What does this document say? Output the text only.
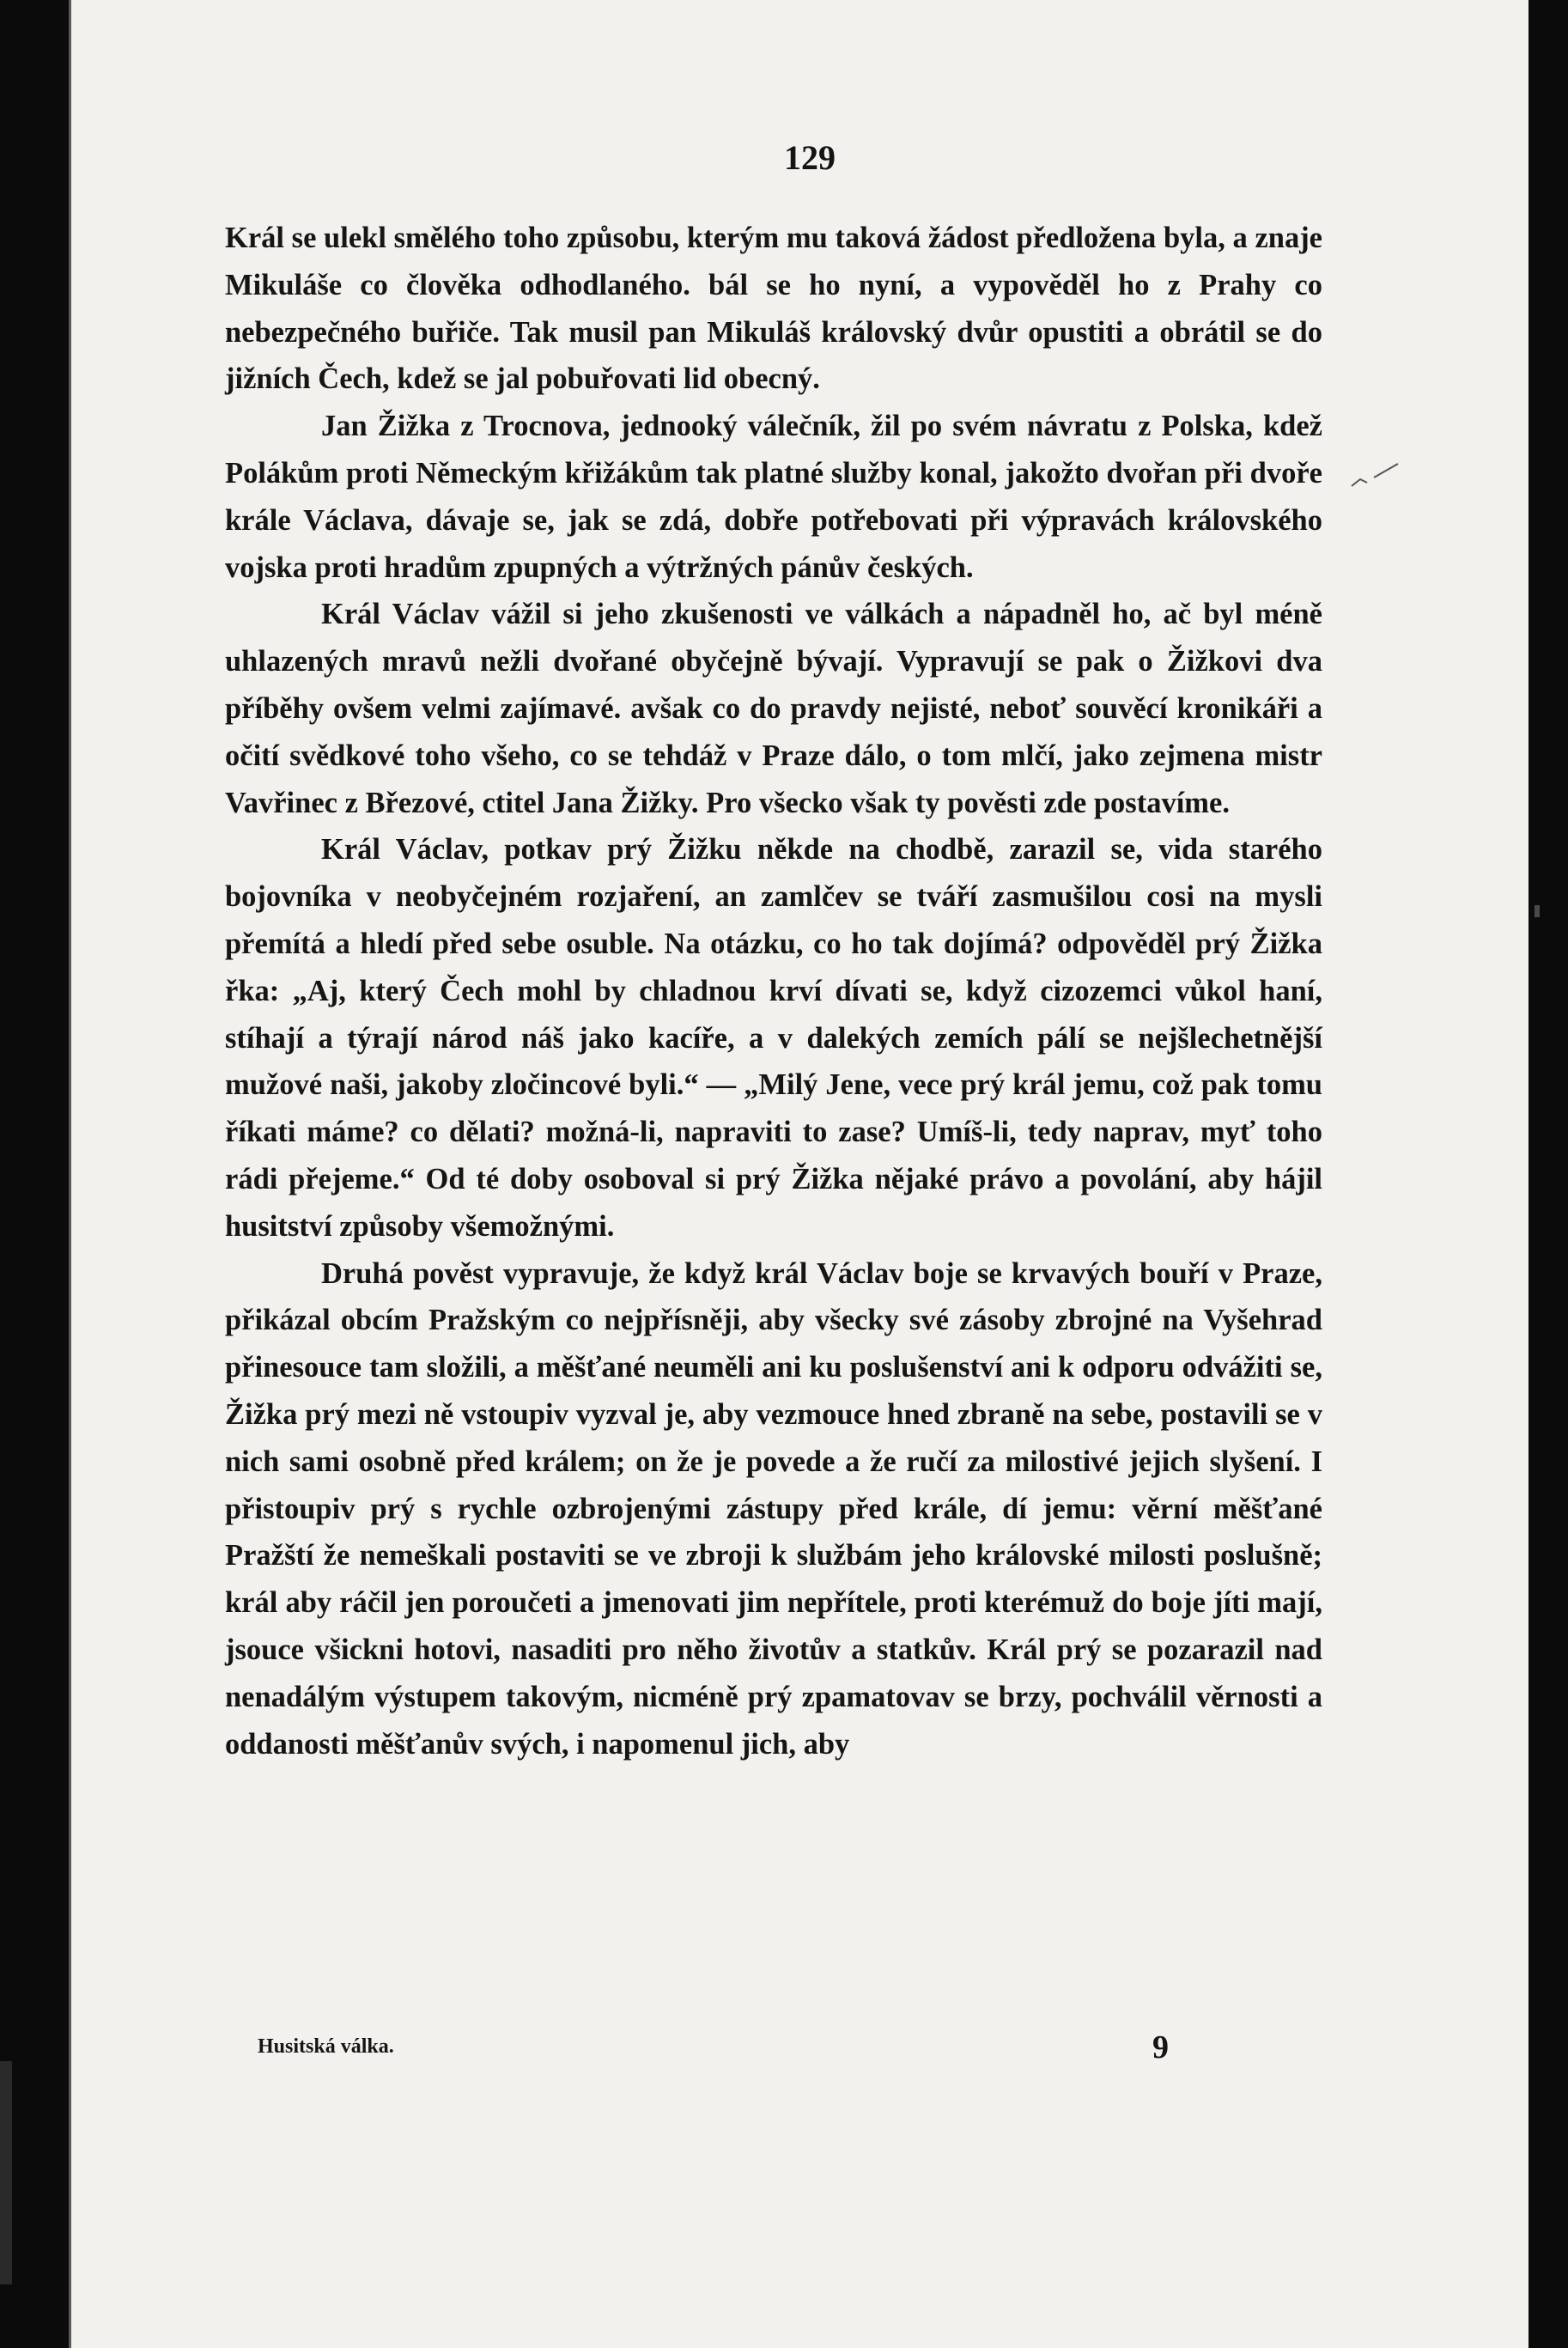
129

Král se ulekl smělého toho způsobu, kterým mu taková žádost předložena byla, a znaje Mikuláše co člověka odhodlaného. bál se ho nyní, a vypověděl ho z Prahy co nebezpečného buřiče. Tak musil pan Mikuláš královský dvůr opustiti a obrátil se do jižních Čech, kdež se jal pobuřovati lid obecný.

Jan Žižka z Trocnova, jednooký válečník, žil po svém návratu z Polska, kdež Polákům proti Německým křižákům tak platné služby konal, jakožto dvořan při dvoře krále Václava, dávaje se, jak se zdá, dobře potřebovati při výpravách královského vojska proti hradům zpupných a výtržných pánův českých.

Král Václav vážil si jeho zkušenosti ve válkách a nápadněl ho, ač byl méně uhlazených mravů nežli dvořané obyčejně bývají. Vypravují se pak o Žižkovi dva příběhy ovšem velmi zajímavé. avšak co do pravdy nejisté, neboť souvěcí kronikáři a očití svědkové toho všeho, co se tehdáž v Praze dálo, o tom mlčí, jako zejmena mistr Vavřinec z Březové, ctitel Jana Žižky. Pro všecko však ty pověsti zde postavíme.

Král Václav, potkav prý Žižku někde na chodbě, zarazil se, vida starého bojovníka v neobyčejném rozjaření, an zamlčev se tváří zasmušilou cosi na mysli přemítá a hledí před sebe osuble. Na otázku, co ho tak dojímá? odpověděl prý Žižka řka: „Aj, který Čech mohl by chladnou krví dívati se, když cizozemci vůkol haní, stíhají a týrají národ náš jako kacíře, a v dalekých zemích pálí se nejšlechetnější mužové naši, jakoby zločincové byli.“ — „Milý Jene, vece prý král jemu, což pak tomu říkati máme? co dělati? možná-li, napraviti to zase? Umíš-li, tedy naprav, myť toho rádi přejeme.“ Od té doby osoboval si prý Žižka nějaké právo a povolání, aby hájil husitství způsoby všemožnými.

Druhá pověst vypravuje, že když král Václav boje se krvavých bouří v Praze, přikázal obcím Pražským co nejpřísněji, aby všecky své zásoby zbrojné na Vyšehrad přinesouce tam složili, a měšťané neuměli ani ku poslušenství ani k odporu odvážiti se, Žižka prý mezi ně vstoupiv vyzval je, aby vezmouce hned zbraně na sebe, postavili se v nich sami osobně před králem; on že je povede a že ručí za milostivé jejich slyšení. I přistoupiv prý s rychle ozbrojenými zástupy před krále, dí jemu: věrní měšťané Pražští že nemeškali postaviti se ve zbroji k službám jeho královské milosti poslušně; král aby ráčil jen poroučeti a jmenovati jim nepřítele, proti kterémuž do boje jíti mají, jsouce všickni hotovi, nasaditi pro něho životův a statkův. Král prý se pozarazil nad nenadálým výstupem takovým, nicméně prý zpamatovav se brzy, pochválil věrnosti a oddanosti měšťanův svých, i napomenul jich, aby

Husitská válka.	9
